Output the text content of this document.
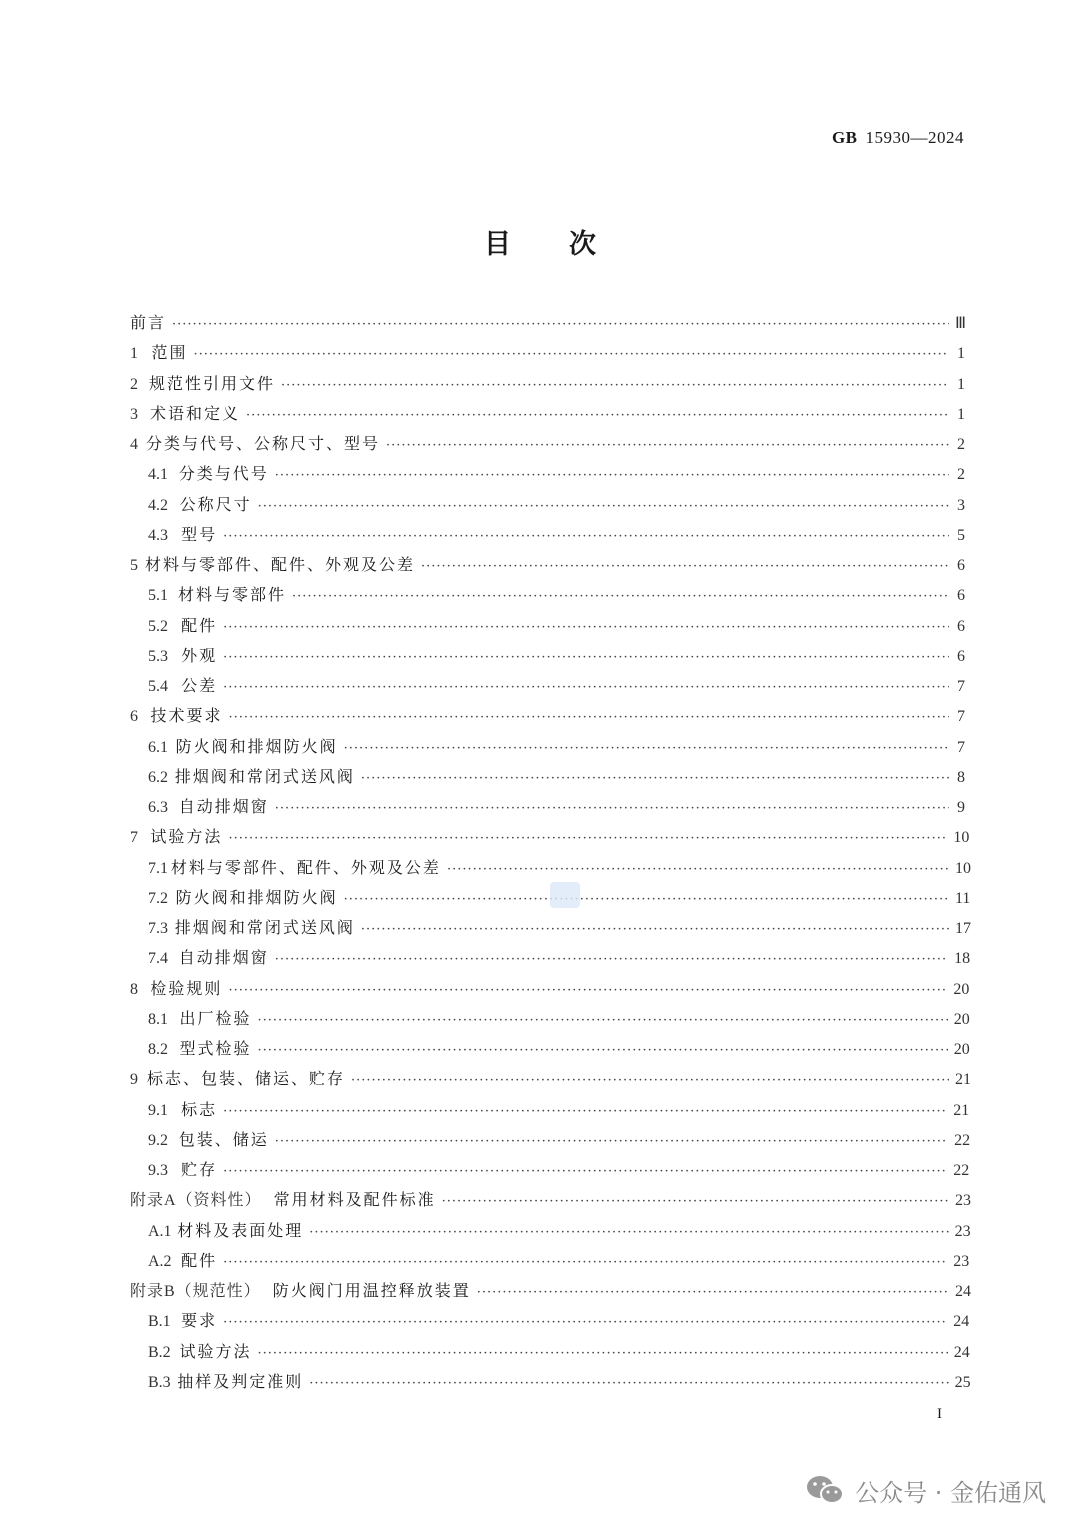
GB 15930—2024
目次
前言 ·····	Ⅲ
1 范围 ·····	1
2 规范性引用文件 ·····	1
3 术语和定义 ·····	1
4 分类与代号、公称尺寸、型号 ·····	2
4.1 分类与代号 ·····	2
4.2 公称尺寸 ·····	3
4.3 型号 ·····	5
5 材料与零部件、配件、外观及公差 ·····	6
5.1 材料与零部件 ·····	6
5.2 配件 ·····	6
5.3 外观 ·····	6
5.4 公差 ·····	7
6 技术要求 ·····	7
6.1 防火阀和排烟防火阀 ·····	7
6.2 排烟阀和常闭式送风阀 ·····	8
6.3 自动排烟窗 ·····	9
7 试验方法 ·····	10
7.1 材料与零部件、配件、外观及公差 ·····	10
7.2 防火阀和排烟防火阀 ·····	11
7.3 排烟阀和常闭式送风阀 ·····	17
7.4 自动排烟窗 ·····	18
8 检验规则 ·····	20
8.1 出厂检验 ·····	20
8.2 型式检验 ·····	20
9 标志、包装、储运、贮存 ·····	21
9.1 标志 ·····	21
9.2 包装、储运 ·····	22
9.3 贮存 ·····	22
附录A（资料性） 常用材料及配件标准 ·····	23
A.1 材料及表面处理 ·····	23
A.2 配件 ·····	23
附录B（规范性） 防火阀门用温控释放装置 ·····	24
B.1 要求 ·····	24
B.2 试验方法 ·····	24
B.3 抽样及判定准则 ·····	25
I
公众号 · 金佑通风
